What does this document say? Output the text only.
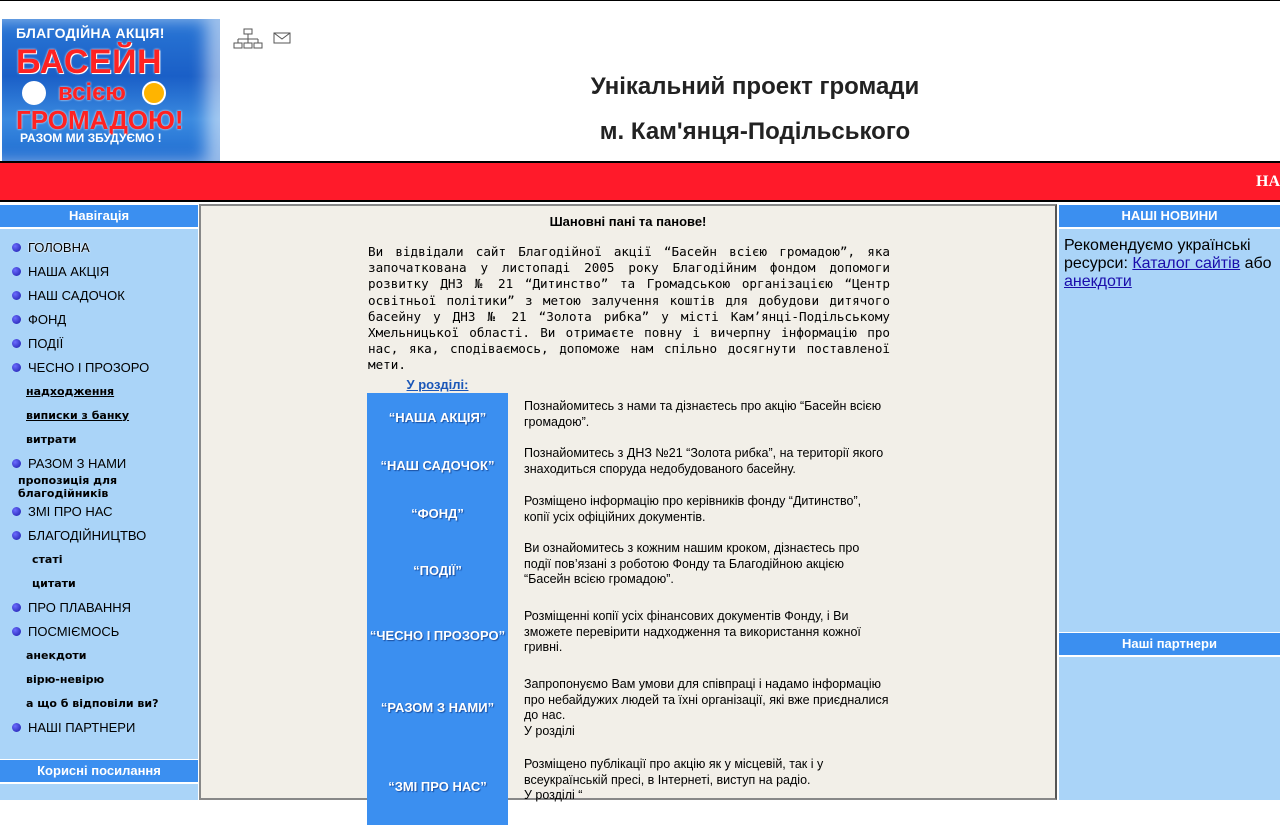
БЛАГОДІЙНА АКЦІЯ!
БАСЕЙН
всією
ГРОМАДОЮ!
РАЗОМ МИ ЗБУДУЄМО !
Унікальний проект громади
м. Кам'янця-Подільського
НА
Навігація
ГОЛОВНА
НАША АКЦІЯ
НАШ САДОЧОК
ФОНД
ПОДІЇ
ЧЕСНО І ПРОЗОРО
надходження
виписки з банку
витрати
РАЗОМ З НАМИ
пропозиція для благодійників
ЗМІ ПРО НАС
БЛАГОДІЙНИЦТВО
статі
цитати
ПРО ПЛАВАННЯ
ПОСМІЄМОСЬ
анекдоти
вірю-невірю
а що б відповіли ви?
НАШІ ПАРТНЕРИ
Корисні посилання
Шановні пані та панове!
Ви відвідали сайт Благодійної акції “Басейн всією громадою”, яка започаткована у листопаді 2005 року Благодійним фондом допомоги розвитку ДНЗ № 21 “Дитинство” та Громадською організацією “Центр освітньої політики” з метою залучення коштів для добудови дитячого басейну у ДНЗ № 21 “Золота рибка” у місті Кам’янці-Подільському Хмельницької області. Ви отримаєте повну і вичерпну інформацію про нас, яка, сподіваємось, допоможе нам спільно досягнути поставленої мети.
У розділі:
“НАША АКЦІЯ”
Познайомитесь з нами та дізнаєтесь про акцію “Басейн всією громадою”.
“НАШ САДОЧОК”
Познайомитесь з ДНЗ №21 “Золота рибка”, на території якого знаходиться споруда недобудованого басейну.
“ФОНД”
Розміщено інформацію про керівників фонду “Дитинство”, копії усіх офіційних документів.
“ПОДІЇ”
Ви ознайомитесь з кожним нашим кроком, дізнаєтесь про події пов’язані з роботою Фонду та Благодійною акцією “Басейн всією громадою”.
“ЧЕСНО І ПРОЗОРО”
Розміщенні копії усіх фінансових документів Фонду, і Ви зможете перевірити надходження та використання кожної гривні.
“РАЗОМ З НАМИ”
Запропонуємо Вам умови для співпраці і надамо інформацію про небайдужих людей та їхні організації, які вже приєдналися до нас.
У розділі
“ЗМІ ПРО НАС”
Розміщено публікації про акцію як у місцевій, так і у всеукраїнській пресі, в Інтернеті, виступ на радіо.
У розділі “
НАШІ НОВИНИ
Рекомендуємо українські ресурси: Каталог сайтів або анекдоти
Наші партнери
